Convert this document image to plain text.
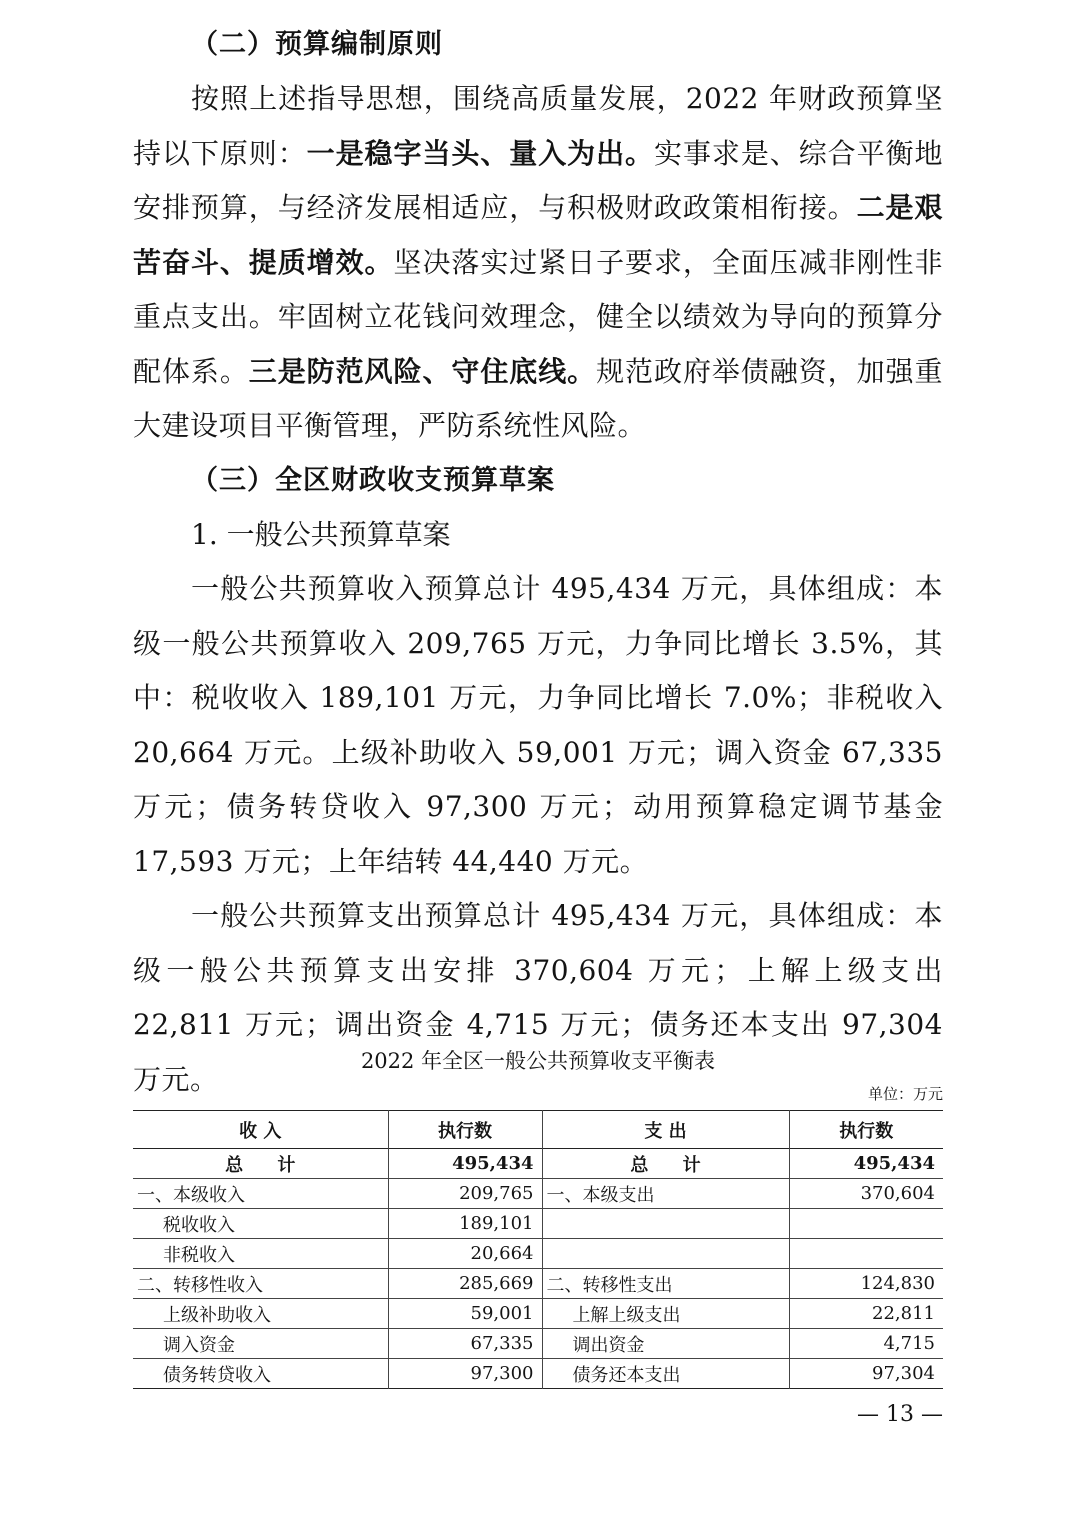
（二）预算编制原则

按照上述指导思想，围绕高质量发展，2022 年财政预算坚持以下原则：一是稳字当头、量入为出。实事求是、综合平衡地安排预算，与经济发展相适应，与积极财政政策相衔接。二是艰苦奋斗、提质增效。坚决落实过紧日子要求，全面压减非刚性非重点支出。牢固树立花钱问效理念，健全以绩效为导向的预算分配体系。三是防范风险、守住底线。规范政府举债融资，加强重大建设项目平衡管理，严防系统性风险。

（三）全区财政收支预算草案

1. 一般公共预算草案

一般公共预算收入预算总计 495,434 万元，具体组成：本级一般公共预算收入 209,765 万元，力争同比增长 3.5%，其中：税收收入 189,101 万元，力争同比增长 7.0%；非税收入 20,664 万元。上级补助收入 59,001 万元；调入资金 67,335 万元；债务转贷收入 97,300 万元；动用预算稳定调节基金 17,593 万元；上年结转 44,440 万元。

一般公共预算支出预算总计 495,434 万元，具体组成：本级一般公共预算支出安排 370,604 万元；上解上级支出 22,811 万元；调出资金 4,715 万元；债务还本支出 97,304 万元。

2022 年全区一般公共预算收支平衡表
单位：万元
收 入	执行数	支 出	执行数
总 计	495,434	总 计	495,434
一、本级收入	209,765	一、本级支出	370,604
税收收入	189,101		
非税收入	20,664		
二、转移性收入	285,669	二、转移性支出	124,830
上级补助收入	59,001	上解上级支出	22,811
调入资金	67,335	调出资金	4,715
债务转贷收入	97,300	债务还本支出	97,304
— 13 —
